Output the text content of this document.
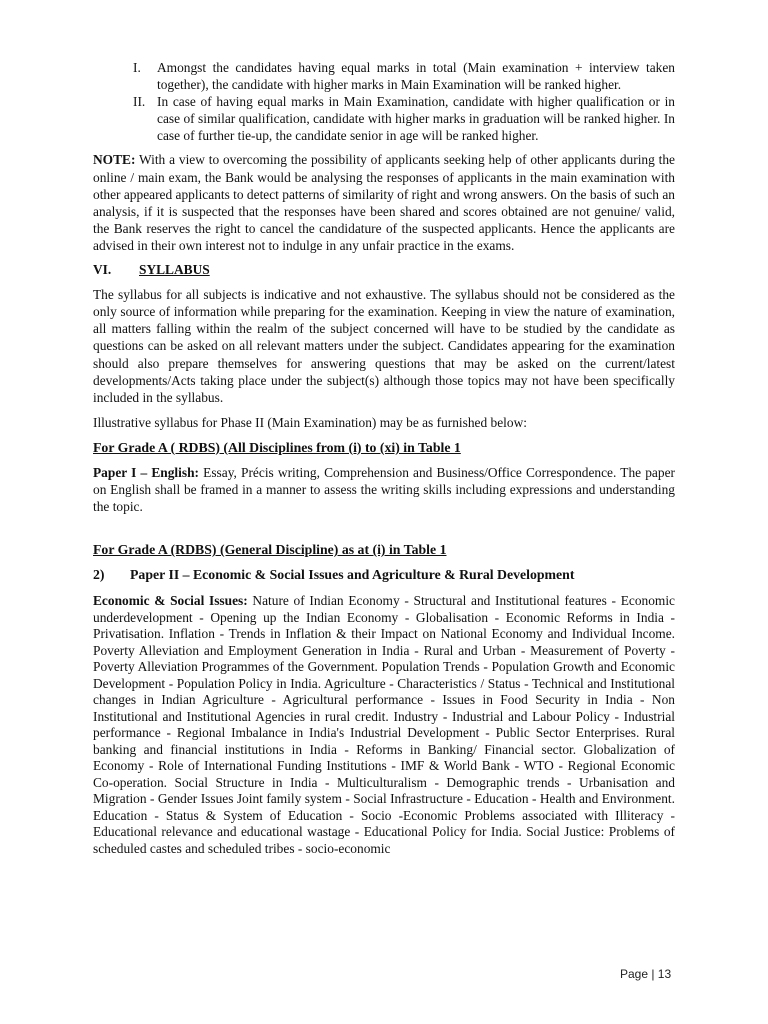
I.	Amongst the candidates having equal marks in total (Main examination + interview taken together), the candidate with higher marks in Main Examination will be ranked higher.
II. In case of having equal marks in Main Examination, candidate with higher qualification or in case of similar qualification, candidate with higher marks in graduation will be ranked higher. In case of further tie-up, the candidate senior in age will be ranked higher.

NOTE: With a view to overcoming the possibility of applicants seeking help of other applicants during the online / main exam, the Bank would be analysing the responses of applicants in the main examination with other appeared applicants to detect patterns of similarity of right and wrong answers. On the basis of such an analysis, if it is suspected that the responses have been shared and scores obtained are not genuine/ valid, the Bank reserves the right to cancel the candidature of the suspected applicants. Hence the applicants are advised in their own interest not to indulge in any unfair practice in the exams.

VI.	SYLLABUS

The syllabus for all subjects is indicative and not exhaustive. The syllabus should not be considered as the only source of information while preparing for the examination. Keeping in view the nature of examination, all matters falling within the realm of the subject concerned will have to be studied by the candidate as questions can be asked on all relevant matters under the subject. Candidates appearing for the examination should also prepare themselves for answering questions that may be asked on the current/latest developments/Acts taking place under the subject(s) although those topics may not have been specifically included in the syllabus.

Illustrative syllabus for Phase II (Main Examination) may be as furnished below:

For Grade A ( RDBS) (All Disciplines from (i) to (xi) in Table 1

Paper I – English: Essay, Précis writing, Comprehension and Business/Office Correspondence. The paper on English shall be framed in a manner to assess the writing skills including expressions and understanding the topic.

For Grade A (RDBS) (General Discipline) as at (i) in Table 1
2)	Paper II – Economic & Social Issues and Agriculture & Rural Development

Economic & Social Issues: Nature of Indian Economy - Structural and Institutional features - Economic underdevelopment - Opening up the Indian Economy - Globalisation - Economic Reforms in India - Privatisation. Inflation - Trends in Inflation & their Impact on National Economy and Individual Income. Poverty Alleviation and Employment Generation in India - Rural and Urban - Measurement of Poverty - Poverty Alleviation Programmes of the Government. Population Trends - Population Growth and Economic Development - Population Policy in India. Agriculture - Characteristics / Status - Technical and Institutional changes in Indian Agriculture - Agricultural performance - Issues in Food Security in India - Non Institutional and Institutional Agencies in rural credit. Industry - Industrial and Labour Policy - Industrial performance - Regional Imbalance in India's Industrial Development - Public Sector Enterprises. Rural banking and financial institutions in India - Reforms in Banking/ Financial sector. Globalization of Economy - Role of International Funding Institutions - IMF & World Bank - WTO - Regional Economic Co-operation. Social Structure in India - Multiculturalism - Demographic trends - Urbanisation and Migration - Gender Issues Joint family system - Social Infrastructure - Education - Health and Environment. Education - Status & System of Education - Socio -Economic Problems associated with Illiteracy - Educational relevance and educational wastage - Educational Policy for India. Social Justice: Problems of scheduled castes and scheduled tribes - socio-economic

Page | 13
